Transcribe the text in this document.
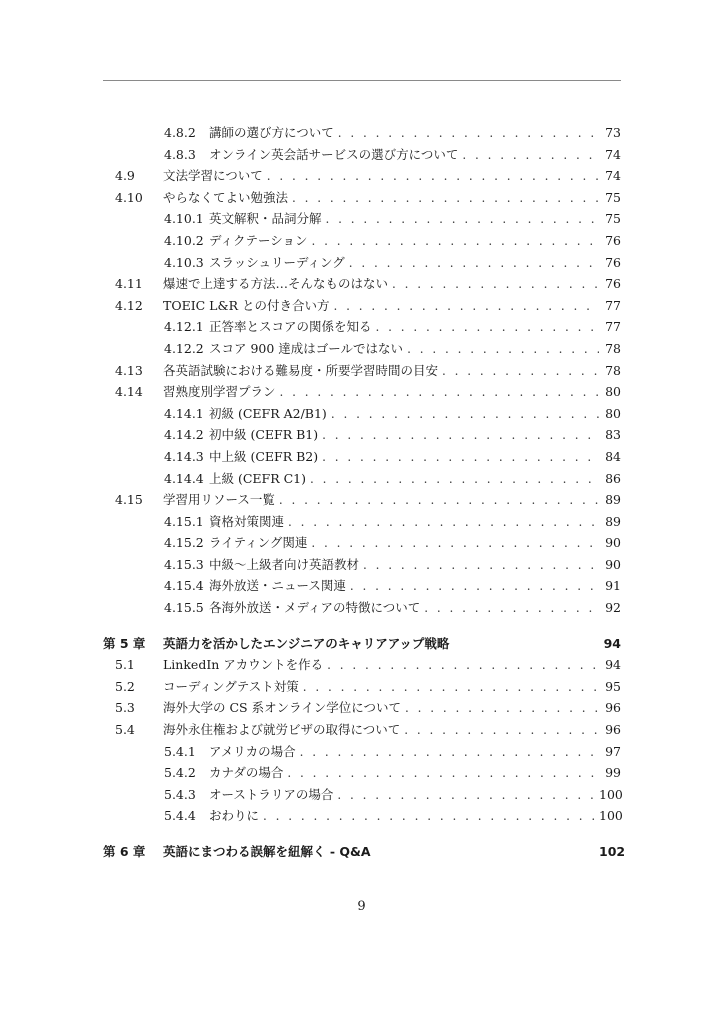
4.8.2	講師の選び方について . . .	73
4.8.3	オンライン英会話サービスの選び方について . . .	74
4.9	文法学習について . . .	74
4.10	やらなくてよい勉強法 . . .	75
4.10.1 英文解釈・品詞分解 . . .	75
4.10.2 ディクテーション . . .	76
4.10.3 スラッシュリーディング . . .	76
4.11	爆速で上達する方法…そんなものはない . . .	76
4.12	TOEIC L&R との付き合い方 . . .	77
4.12.1 正答率とスコアの関係を知る . . .	77
4.12.2 スコア 900 達成はゴールではない . . .	78
4.13	各英語試験における難易度・所要学習時間の目安 . . .	78
4.14	習熟度別学習プラン . . .	80
4.14.1 初級 (CEFR A2/B1) . . .	80
4.14.2 初中級 (CEFR B1) . . .	83
4.14.3 中上級 (CEFR B2) . . .	84
4.14.4 上級 (CEFR C1) . . .	86
4.15	学習用リソース一覧 . . .	89
4.15.1 資格対策関連 . . .	89
4.15.2 ライティング関連 . . .	90
4.15.3 中級〜上級者向け英語教材 . . .	90
4.15.4 海外放送・ニュース関連 . . .	91
4.15.5 各海外放送・メディアの特徴について . . .	92
第 5 章	英語力を活かしたエンジニアのキャリアアップ戦略	94
5.1	LinkedIn アカウントを作る . . .	94
5.2	コーディングテスト対策 . . .	95
5.3	海外大学の CS 系オンライン学位について . . .	96
5.4	海外永住権および就労ビザの取得について . . .	96
5.4.1	アメリカの場合 . . .	97
5.4.2	カナダの場合 . . .	99
5.4.3	オーストラリアの場合 . . .	100
5.4.4	おわりに . . .	100
第 6 章	英語にまつわる誤解を紐解く - Q&A	102
9
